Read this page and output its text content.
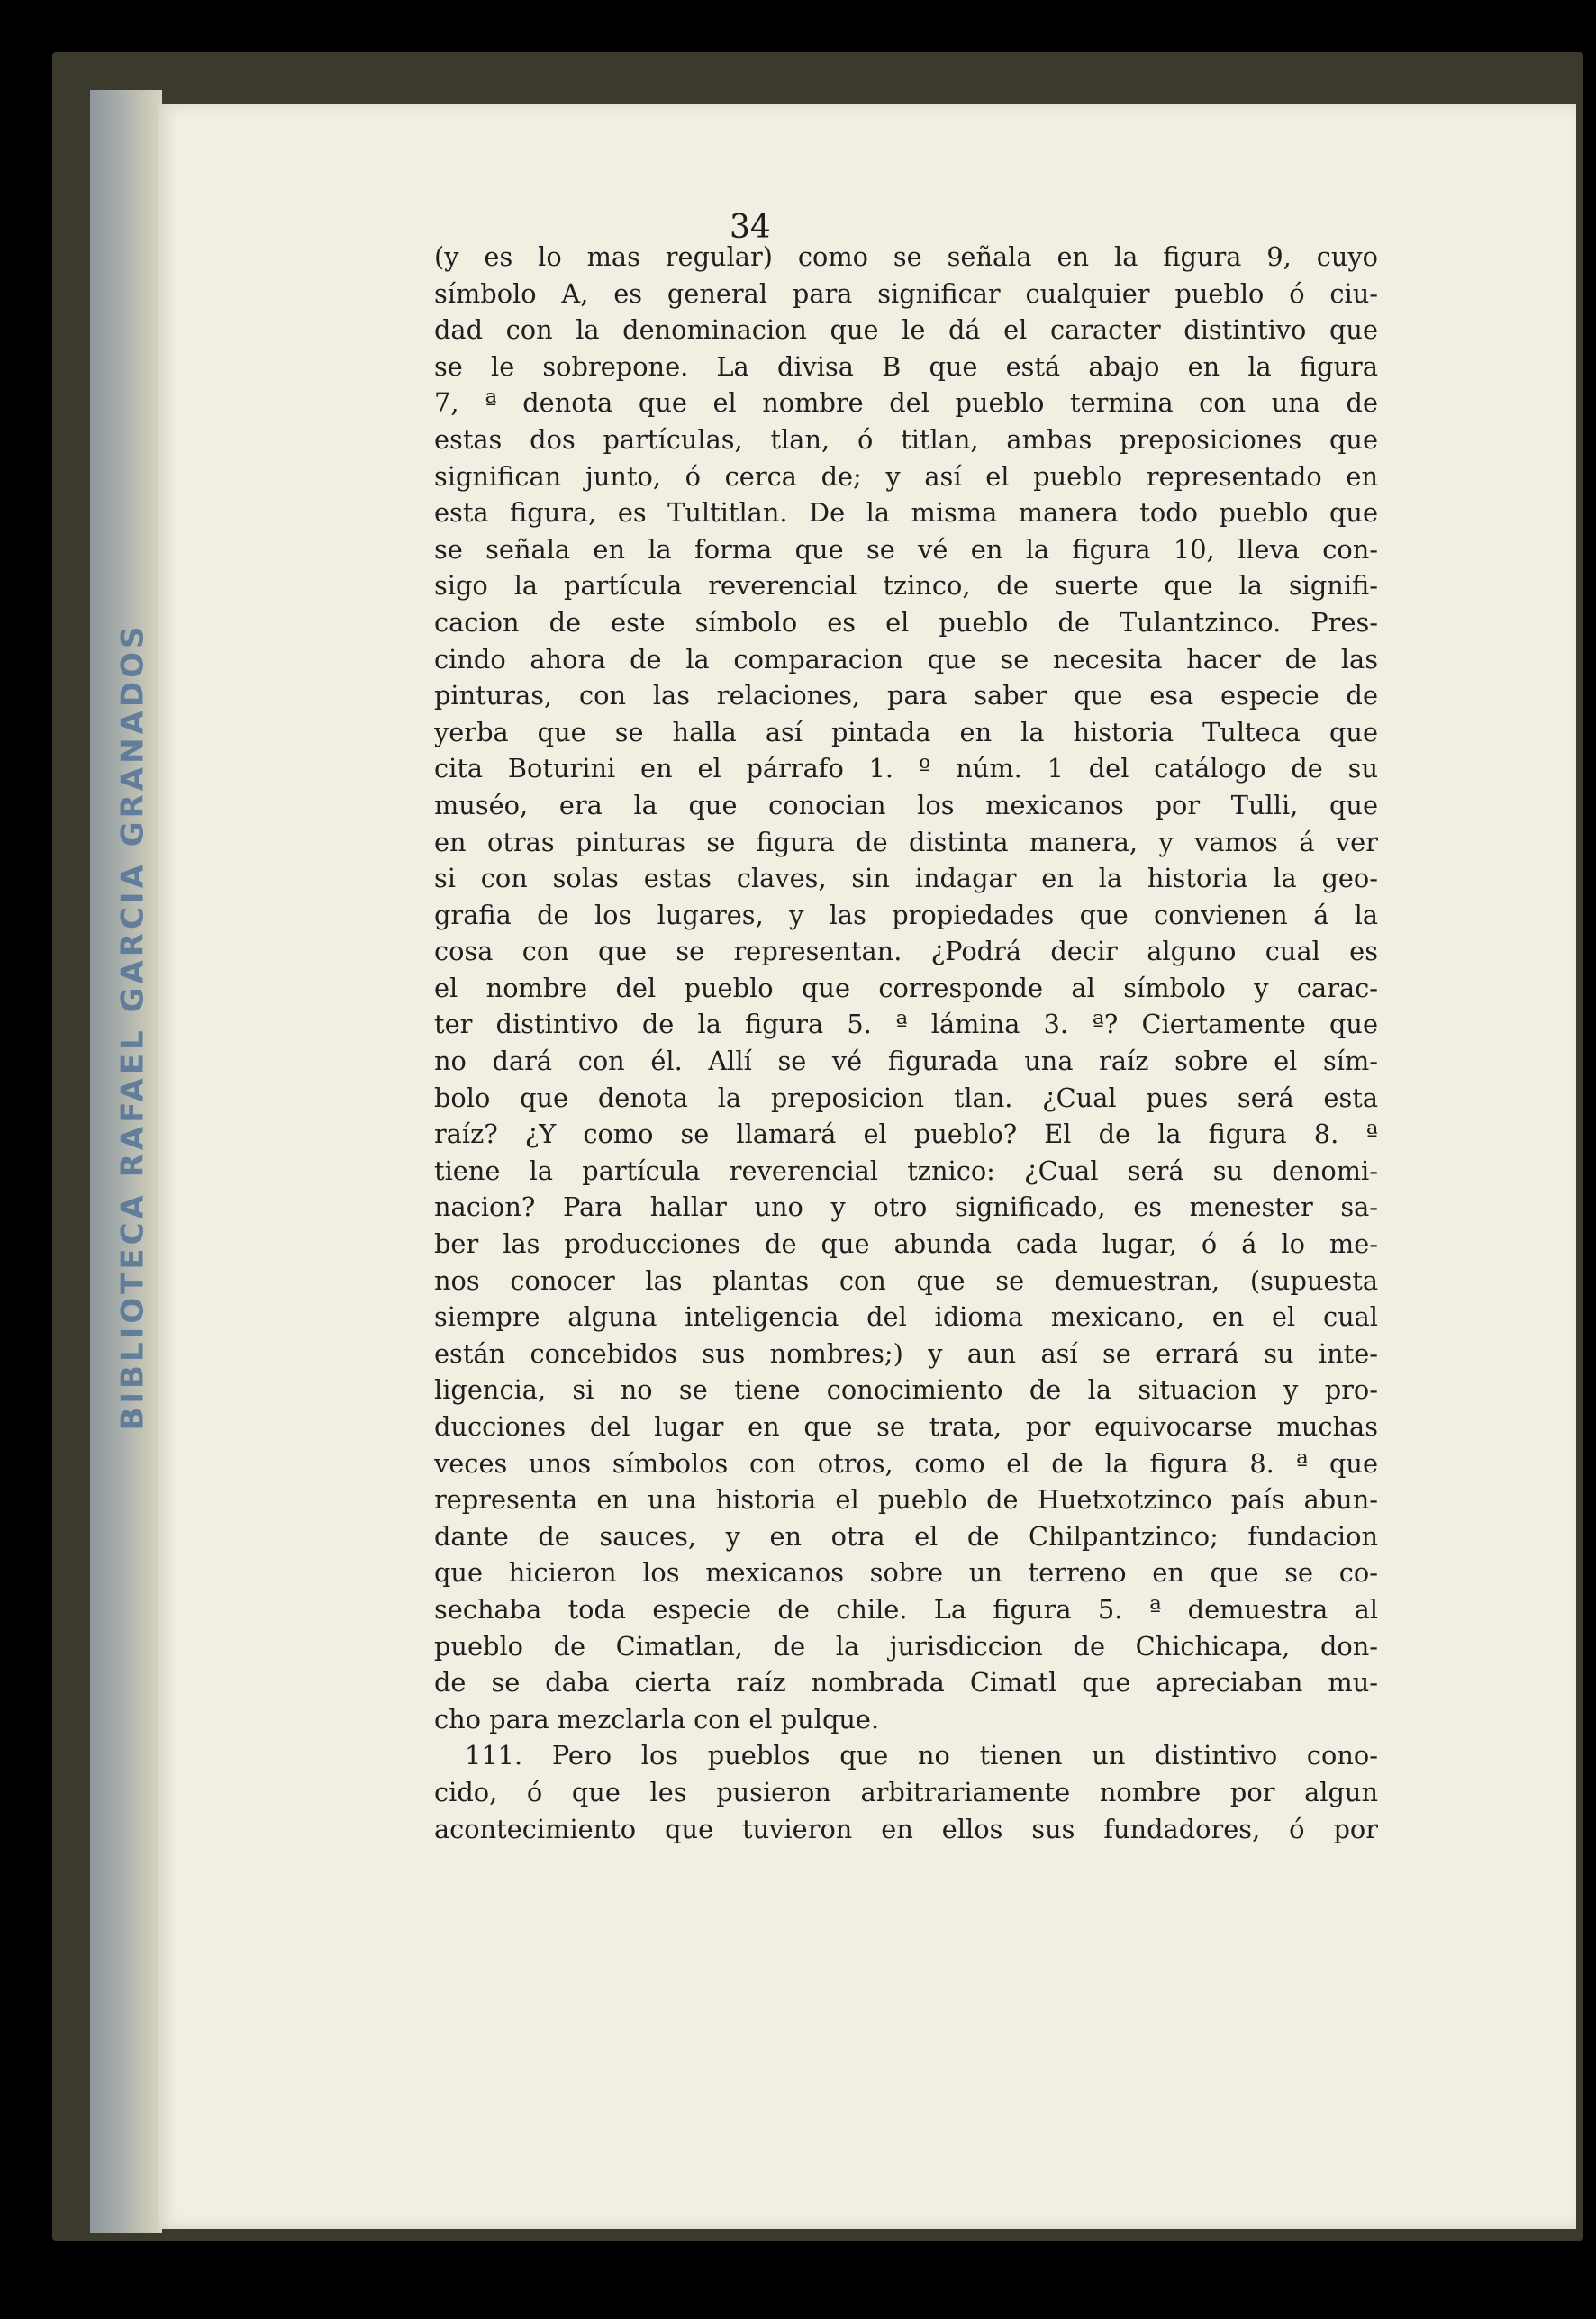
BIBLIOTECA RAFAEL GARCIA GRANADOS
34
(y es lo mas regular) como se señala en la figura 9, cuyo
símbolo A, es general para significar cualquier pueblo ó ciu-
dad con la denominacion que le dá el caracter distintivo que
se le sobrepone. La divisa B que está abajo en la figura
7, ª denota que el nombre del pueblo termina con una de
estas dos partículas, tlan, ó titlan, ambas preposiciones que
significan junto, ó cerca de; y así el pueblo representado en
esta figura, es Tultitlan. De la misma manera todo pueblo que
se señala en la forma que se vé en la figura 10, lleva con-
sigo la partícula reverencial tzinco, de suerte que la signifi-
cacion de este símbolo es el pueblo de Tulantzinco. Pres-
cindo ahora de la comparacion que se necesita hacer de las
pinturas, con las relaciones, para saber que esa especie de
yerba que se halla así pintada en la historia Tulteca que
cita Boturini en el párrafo 1. º núm. 1 del catálogo de su
muséo, era la que conocian los mexicanos por Tulli, que
en otras pinturas se figura de distinta manera, y vamos á ver
si con solas estas claves, sin indagar en la historia la geo-
grafia de los lugares, y las propiedades que convienen á la
cosa con que se representan. ¿Podrá decir alguno cual es
el nombre del pueblo que corresponde al símbolo y carac-
ter distintivo de la figura 5. ª lámina 3. ª? Ciertamente que
no dará con él. Allí se vé figurada una raíz sobre el sím-
bolo que denota la preposicion tlan. ¿Cual pues será esta
raíz? ¿Y como se llamará el pueblo? El de la figura 8. ª
tiene la partícula reverencial tznico: ¿Cual será su denomi-
nacion? Para hallar uno y otro significado, es menester sa-
ber las producciones de que abunda cada lugar, ó á lo me-
nos conocer las plantas con que se demuestran, (supuesta
siempre alguna inteligencia del idioma mexicano, en el cual
están concebidos sus nombres;) y aun así se errará su inte-
ligencia, si no se tiene conocimiento de la situacion y pro-
ducciones del lugar en que se trata, por equivocarse muchas
veces unos símbolos con otros, como el de la figura 8. ª que
representa en una historia el pueblo de Huetxotzinco país abun-
dante de sauces, y en otra el de Chilpantzinco; fundacion
que hicieron los mexicanos sobre un terreno en que se co-
sechaba toda especie de chile. La figura 5. ª demuestra al
pueblo de Cimatlan, de la jurisdiccion de Chichicapa, don-
de se daba cierta raíz nombrada Cimatl que apreciaban mu-
cho para mezclarla con el pulque.
111. Pero los pueblos que no tienen un distintivo cono-
cido, ó que les pusieron arbitrariamente nombre por algun
acontecimiento que tuvieron en ellos sus fundadores, ó por
